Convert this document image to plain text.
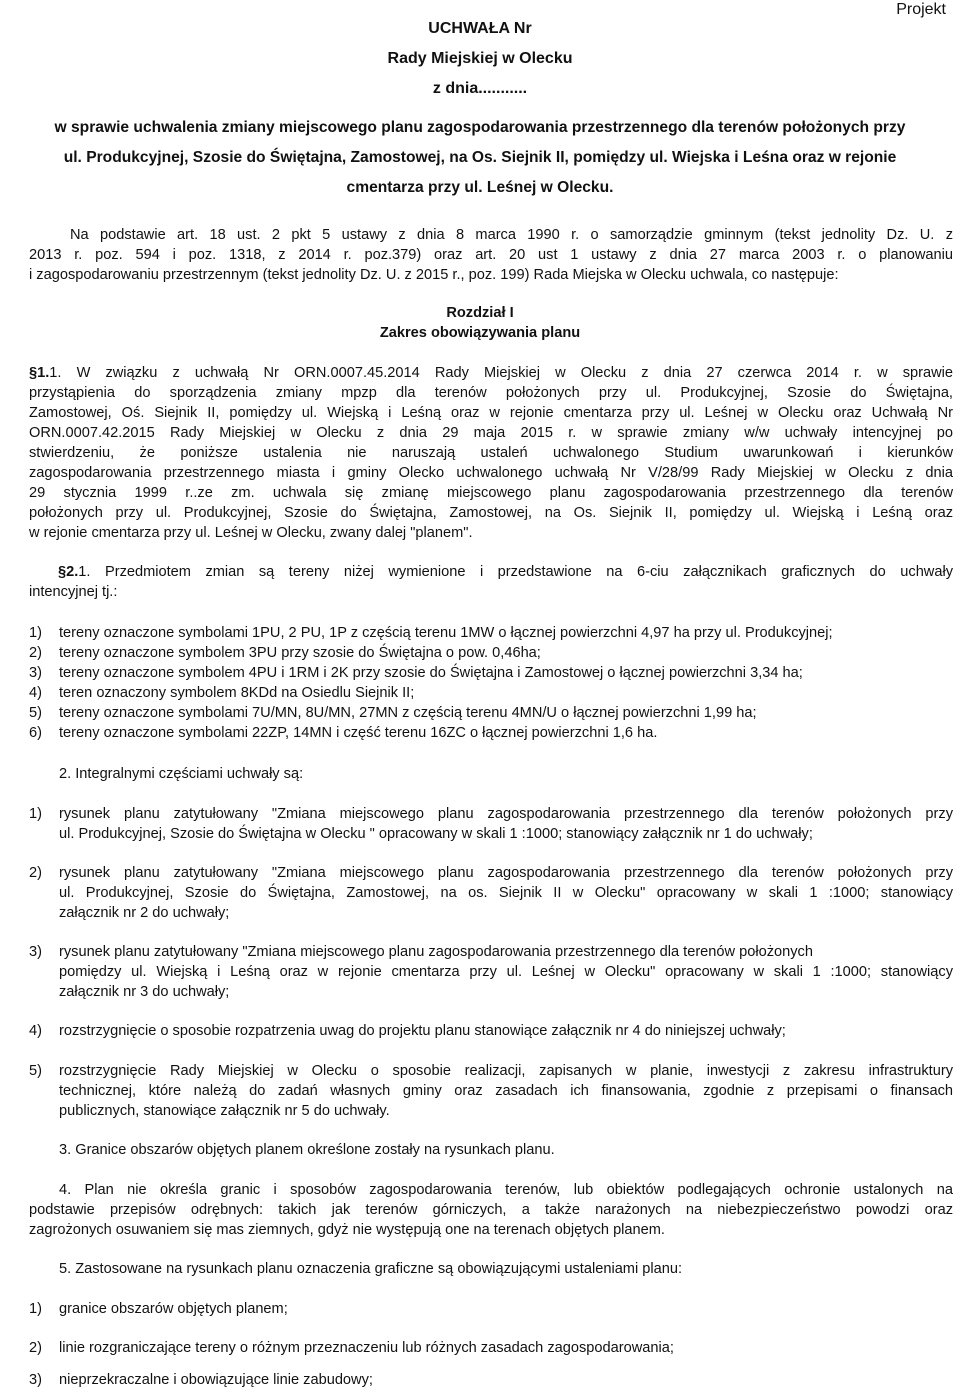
Projekt
UCHWAŁA Nr
Rady Miejskiej w Olecku
z dnia...........
w sprawie uchwalenia zmiany miejscowego planu zagospodarowania przestrzennego dla terenów położonych przy
ul. Produkcyjnej, Szosie do Świętajna, Zamostowej, na Os. Siejnik II, pomiędzy ul. Wiejska i Leśna oraz w rejonie
cmentarza przy ul. Leśnej w Olecku.
Na podstawie art. 18 ust. 2 pkt 5 ustawy z dnia 8 marca 1990 r. o samorządzie gminnym (tekst jednolity Dz. U. z
2013 r. poz. 594 i poz. 1318, z 2014 r. poz.379) oraz art. 20 ust 1 ustawy z dnia 27 marca 2003 r. o planowaniu
i zagospodarowaniu przestrzennym (tekst jednolity Dz. U. z 2015 r., poz. 199) Rada Miejska w Olecku uchwala, co następuje:
Rozdział I
Zakres obowiązywania planu
§1. 1. W związku z uchwałą Nr ORN.0007.45.2014 Rady Miejskiej w Olecku z dnia 27 czerwca 2014 r. w sprawie
przystąpienia do sporządzenia zmiany mpzp dla terenów położonych przy ul. Produkcyjnej, Szosie do Świętajna,
Zamostowej, Oś. Siejnik II, pomiędzy ul. Wiejską i Leśną oraz w rejonie cmentarza przy ul. Leśnej w Olecku oraz Uchwałą Nr
ORN.0007.42.2015 Rady Miejskiej w Olecku z dnia 29 maja 2015 r. w sprawie zmiany w/w uchwały intencyjnej po
stwierdzeniu, że poniższe ustalenia nie naruszają ustaleń uchwalonego Studium uwarunkowań i kierunków
zagospodarowania przestrzennego miasta i gminy Olecko uchwalonego uchwałą Nr V/28/99 Rady Miejskiej w Olecku z dnia
29 stycznia 1999 r..ze zm. uchwala się zmianę miejscowego planu zagospodarowania przestrzennego dla terenów
położonych przy ul. Produkcyjnej, Szosie do Świętajna, Zamostowej, na Os. Siejnik II, pomiędzy ul. Wiejską i Leśną oraz
w rejonie cmentarza przy ul. Leśnej w Olecku, zwany dalej "planem".
§2. 1. Przedmiotem zmian są tereny niżej wymienione i przedstawione na 6-ciu załącznikach graficznych do uchwały
intencyjnej tj.:
1) tereny oznaczone symbolami 1PU, 2 PU, 1P z częścią terenu 1MW o łącznej powierzchni 4,97 ha przy ul. Produkcyjnej;
2) tereny oznaczone symbolem 3PU przy szosie do Świętajna o pow. 0,46ha;
3) tereny oznaczone symbolem 4PU i 1RM i 2K przy szosie do Świętajna i Zamostowej o łącznej powierzchni 3,34 ha;
4) teren oznaczony symbolem 8KDd na Osiedlu Siejnik II;
5) tereny oznaczone symbolami 7U/MN, 8U/MN, 27MN z częścią terenu 4MN/U o łącznej powierzchni 1,99 ha;
6) tereny oznaczone symbolami 22ZP, 14MN i część terenu 16ZC o łącznej powierzchni 1,6 ha.
2. Integralnymi częściami uchwały są:
1) rysunek planu zatytułowany "Zmiana miejscowego planu zagospodarowania przestrzennego dla terenów położonych przy
ul. Produkcyjnej, Szosie do Świętajna w Olecku " opracowany w skali 1 :1000; stanowiący załącznik nr 1 do uchwały;
2) rysunek planu zatytułowany "Zmiana miejscowego planu zagospodarowania przestrzennego dla terenów położonych przy
ul. Produkcyjnej, Szosie do Świętajna, Zamostowej, na os. Siejnik II w Olecku" opracowany w skali 1 :1000; stanowiący
załącznik nr 2 do uchwały;
3) rysunek planu zatytułowany "Zmiana miejscowego planu zagospodarowania przestrzennego dla terenów położonych
pomiędzy ul. Wiejską i Leśną oraz w rejonie cmentarza przy ul. Leśnej w Olecku" opracowany w skali 1 :1000; stanowiący
załącznik nr 3 do uchwały;
4) rozstrzygnięcie o sposobie rozpatrzenia uwag do projektu planu stanowiące załącznik nr 4 do niniejszej uchwały;
5) rozstrzygnięcie Rady Miejskiej w Olecku o sposobie realizacji, zapisanych w planie, inwestycji z zakresu infrastruktury
technicznej, które należą do zadań własnych gminy oraz zasadach ich finansowania, zgodnie z przepisami o finansach
publicznych, stanowiące załącznik nr 5 do uchwały.
3. Granice obszarów objętych planem określone zostały na rysunkach planu.
4. Plan nie określa granic i sposobów zagospodarowania terenów, lub obiektów podlegających ochronie ustalonych na
podstawie przepisów odrębnych: takich jak terenów górniczych, a także narażonych na niebezpieczeństwo powodzi oraz
zagrożonych osuwaniem się mas ziemnych, gdyż nie występują one na terenach objętych planem.
5. Zastosowane na rysunkach planu oznaczenia graficzne są obowiązującymi ustaleniami planu:
1) granice obszarów objętych planem;
2) linie rozgraniczające tereny o różnym przeznaczeniu lub różnych zasadach zagospodarowania;
3) nieprzekraczalne i obowiązujące linie zabudowy;
